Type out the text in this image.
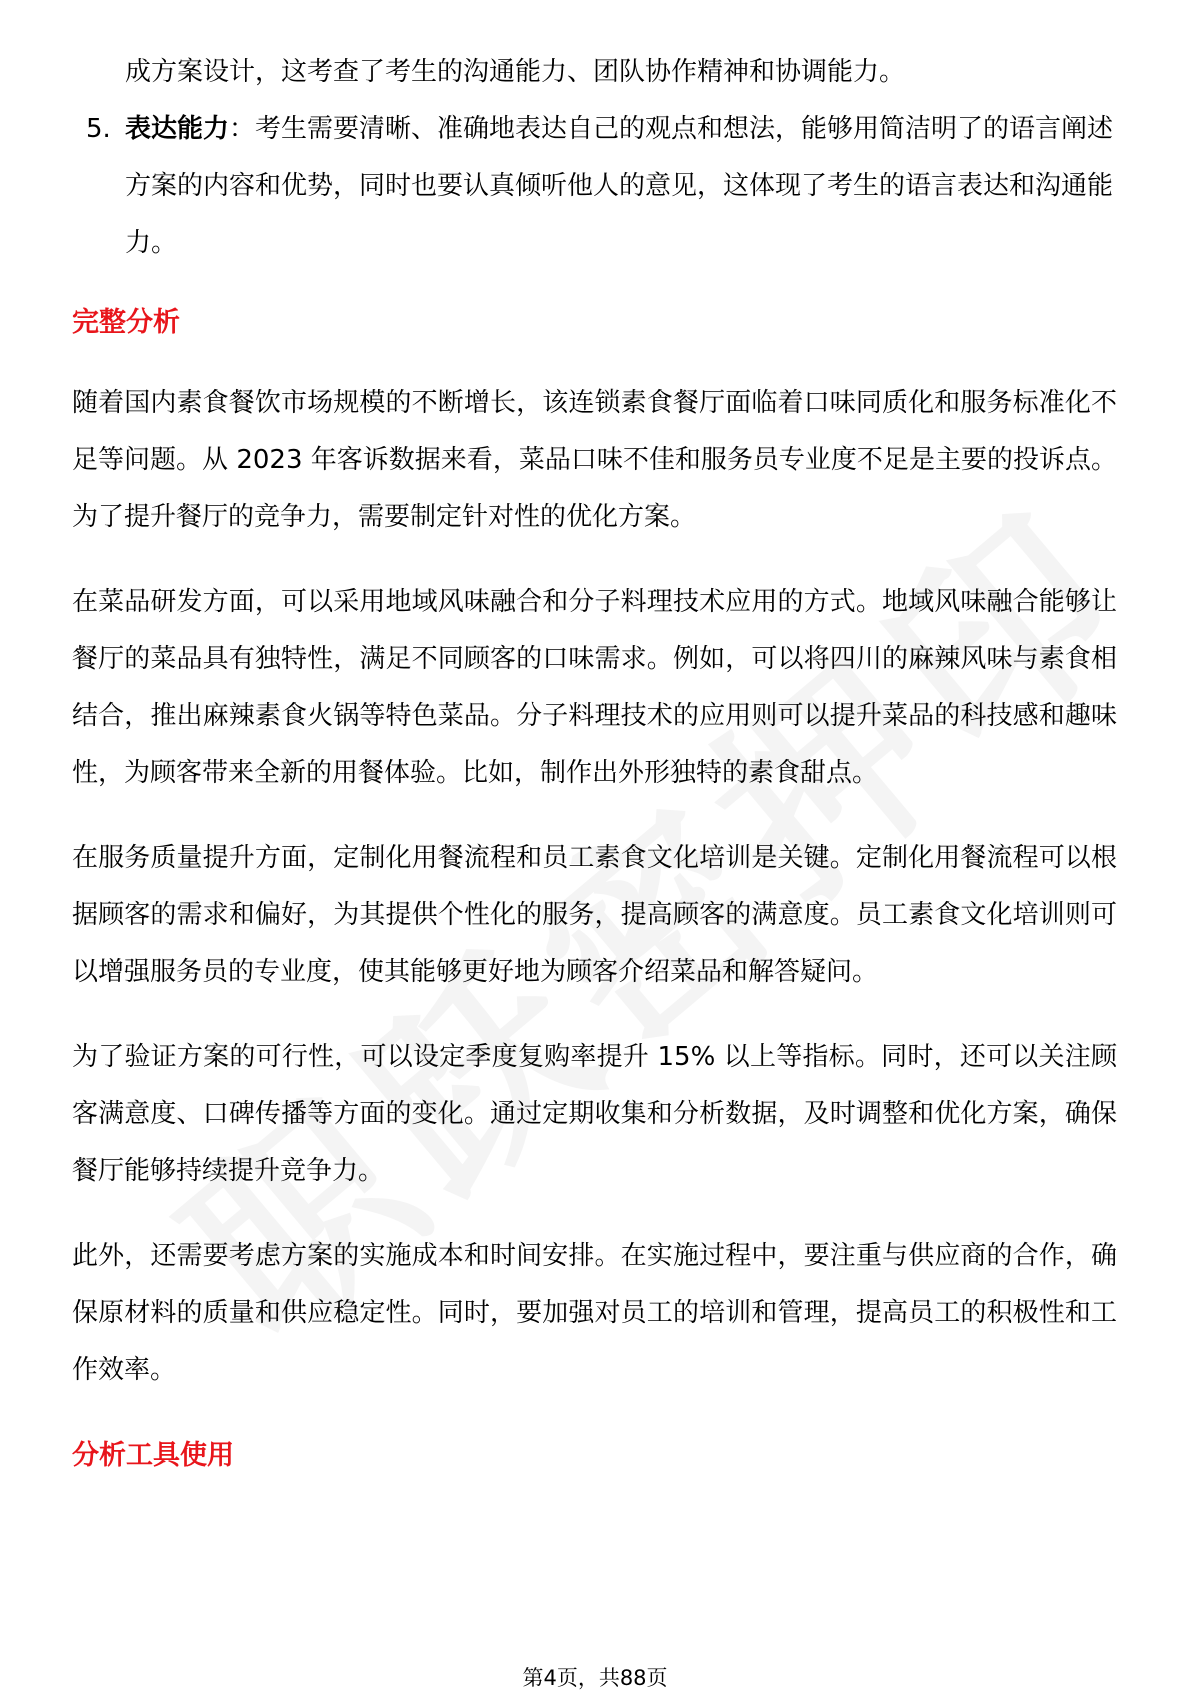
成方案设计，这考查了考生的沟通能力、团队协作精神和协调能力。

5. 表达能力：考生需要清晰、准确地表达自己的观点和想法，能够用简洁明了的语言阐述方案的内容和优势，同时也要认真倾听他人的意见，这体现了考生的语言表达和沟通能力。
完整分析

随着国内素食餐饮市场规模的不断增长，该连锁素食餐厅面临着口味同质化和服务标准化不足等问题。从 2023 年客诉数据来看，菜品口味不佳和服务员专业度不足是主要的投诉点。为了提升餐厅的竞争力，需要制定针对性的优化方案。

在菜品研发方面，可以采用地域风味融合和分子料理技术应用的方式。地域风味融合能够让餐厅的菜品具有独特性，满足不同顾客的口味需求。例如，可以将四川的麻辣风味与素食相结合，推出麻辣素食火锅等特色菜品。分子料理技术的应用则可以提升菜品的科技感和趣味性，为顾客带来全新的用餐体验。比如，制作出外形独特的素食甜点。

在服务质量提升方面，定制化用餐流程和员工素食文化培训是关键。定制化用餐流程可以根据顾客的需求和偏好，为其提供个性化的服务，提高顾客的满意度。员工素食文化培训则可以增强服务员的专业度，使其能够更好地为顾客介绍菜品和解答疑问。

为了验证方案的可行性，可以设定季度复购率提升 15% 以上等指标。同时，还可以关注顾客满意度、口碑传播等方面的变化。通过定期收集和分析数据，及时调整和优化方案，确保餐厅能够持续提升竞争力。

此外，还需要考虑方案的实施成本和时间安排。在实施过程中，要注重与供应商的合作，确保原材料的质量和供应稳定性。同时，要加强对员工的培训和管理，提高员工的积极性和工作效率。

分析工具使用
第4页，共88页
